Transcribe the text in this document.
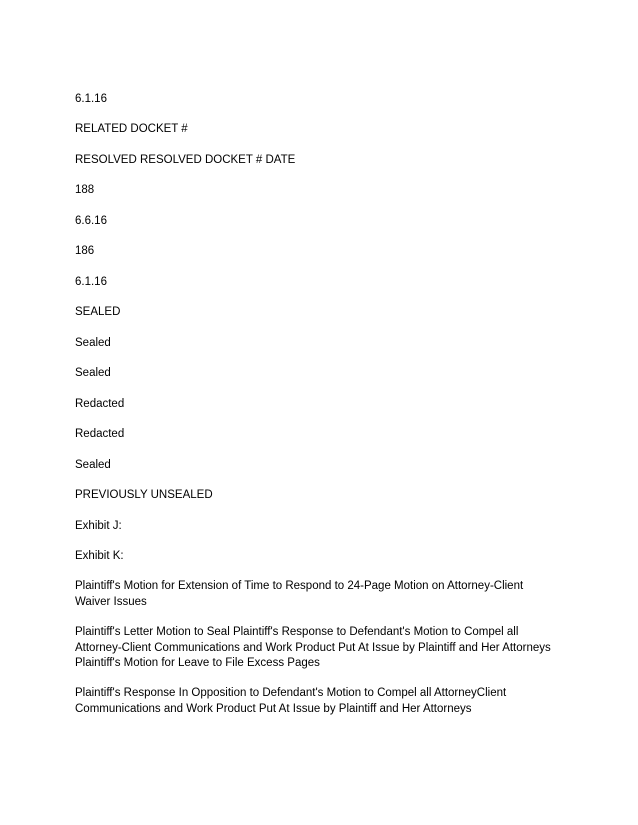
6.1.16

RELATED DOCKET #

RESOLVED RESOLVED DOCKET # DATE

188

6.6.16

186

6.1.16

SEALED

Sealed

Sealed

Redacted

Redacted

Sealed

PREVIOUSLY UNSEALED

Exhibit J:

Exhibit K:

Plaintiff's Motion for Extension of Time to Respond to 24-Page Motion on Attorney-Client
Waiver Issues
Plaintiff's Letter Motion to Seal Plaintiff's Response to Defendant's Motion to Compel all
Attorney-Client Communications and Work Product Put At Issue by Plaintiff and Her Attorneys
Plaintiff's Motion for Leave to File Excess Pages
Plaintiff's Response In Opposition to Defendant's Motion to Compel all AttorneyClient
Communications and Work Product Put At Issue by Plaintiff and Her Attorneys
